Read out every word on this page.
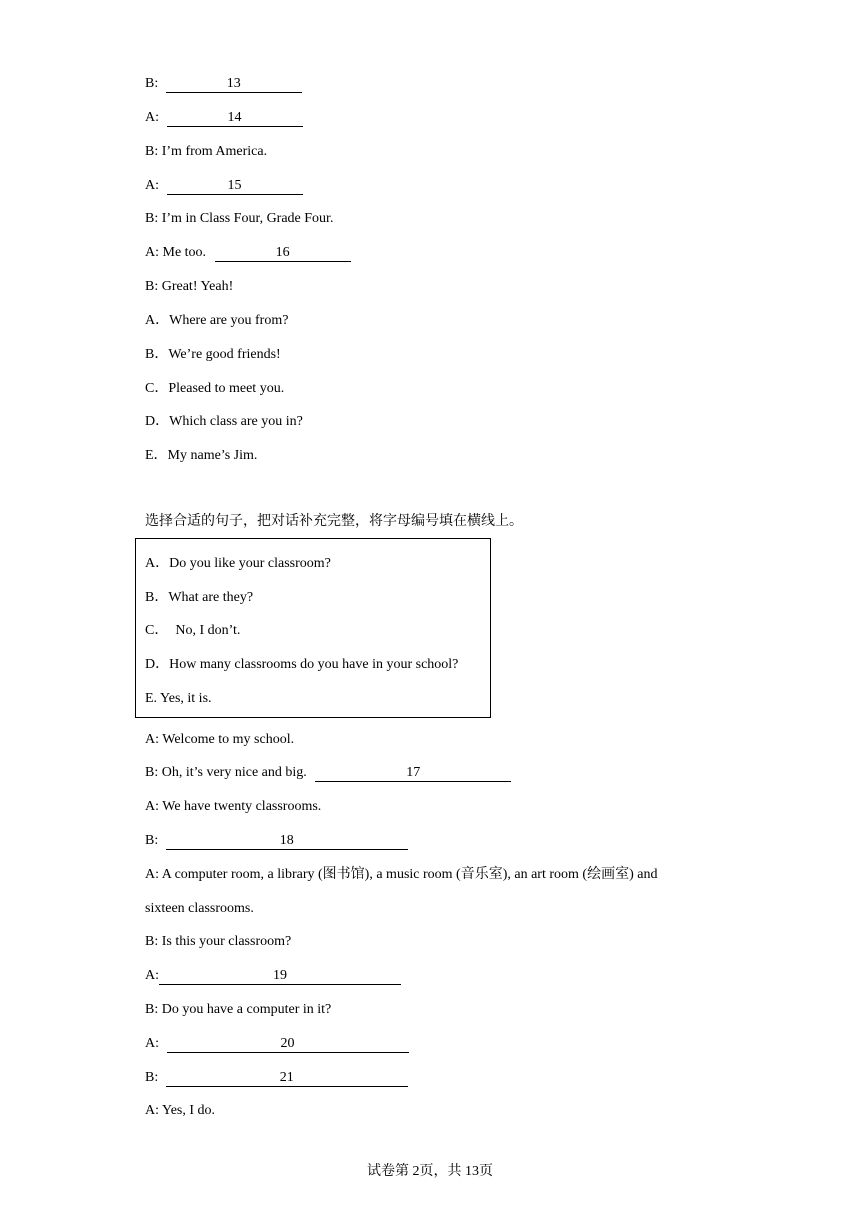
B:	13
A:	14
B: I’m from America.
A:	15
B: I’m in Class Four, Grade Four.
A: Me too.	16
B: Great! Yeah!
A．Where are you from?
B．We’re good friends!
C．Pleased to meet you.
D．Which class are you in?
E．My name’s Jim.
选择合适的句子，把对话补充完整，将字母编号填在横线上。
A．Do you like your classroom?
B．What are they?
C．  No, I don’t.
D．How many classrooms do you have in your school?
E. Yes, it is.
A: Welcome to my school.
B: Oh, it’s very nice and big.	17
A: We have twenty classrooms.
B:	18
A: A computer room, a library (图书馆), a music room (音乐室), an art room (绘画室) and
sixteen classrooms.
B: Is this your classroom?
A:	19
B: Do you have a computer in it?
A:	20
B:	21
A: Yes, I do.
试卷第 2页，共 13页
